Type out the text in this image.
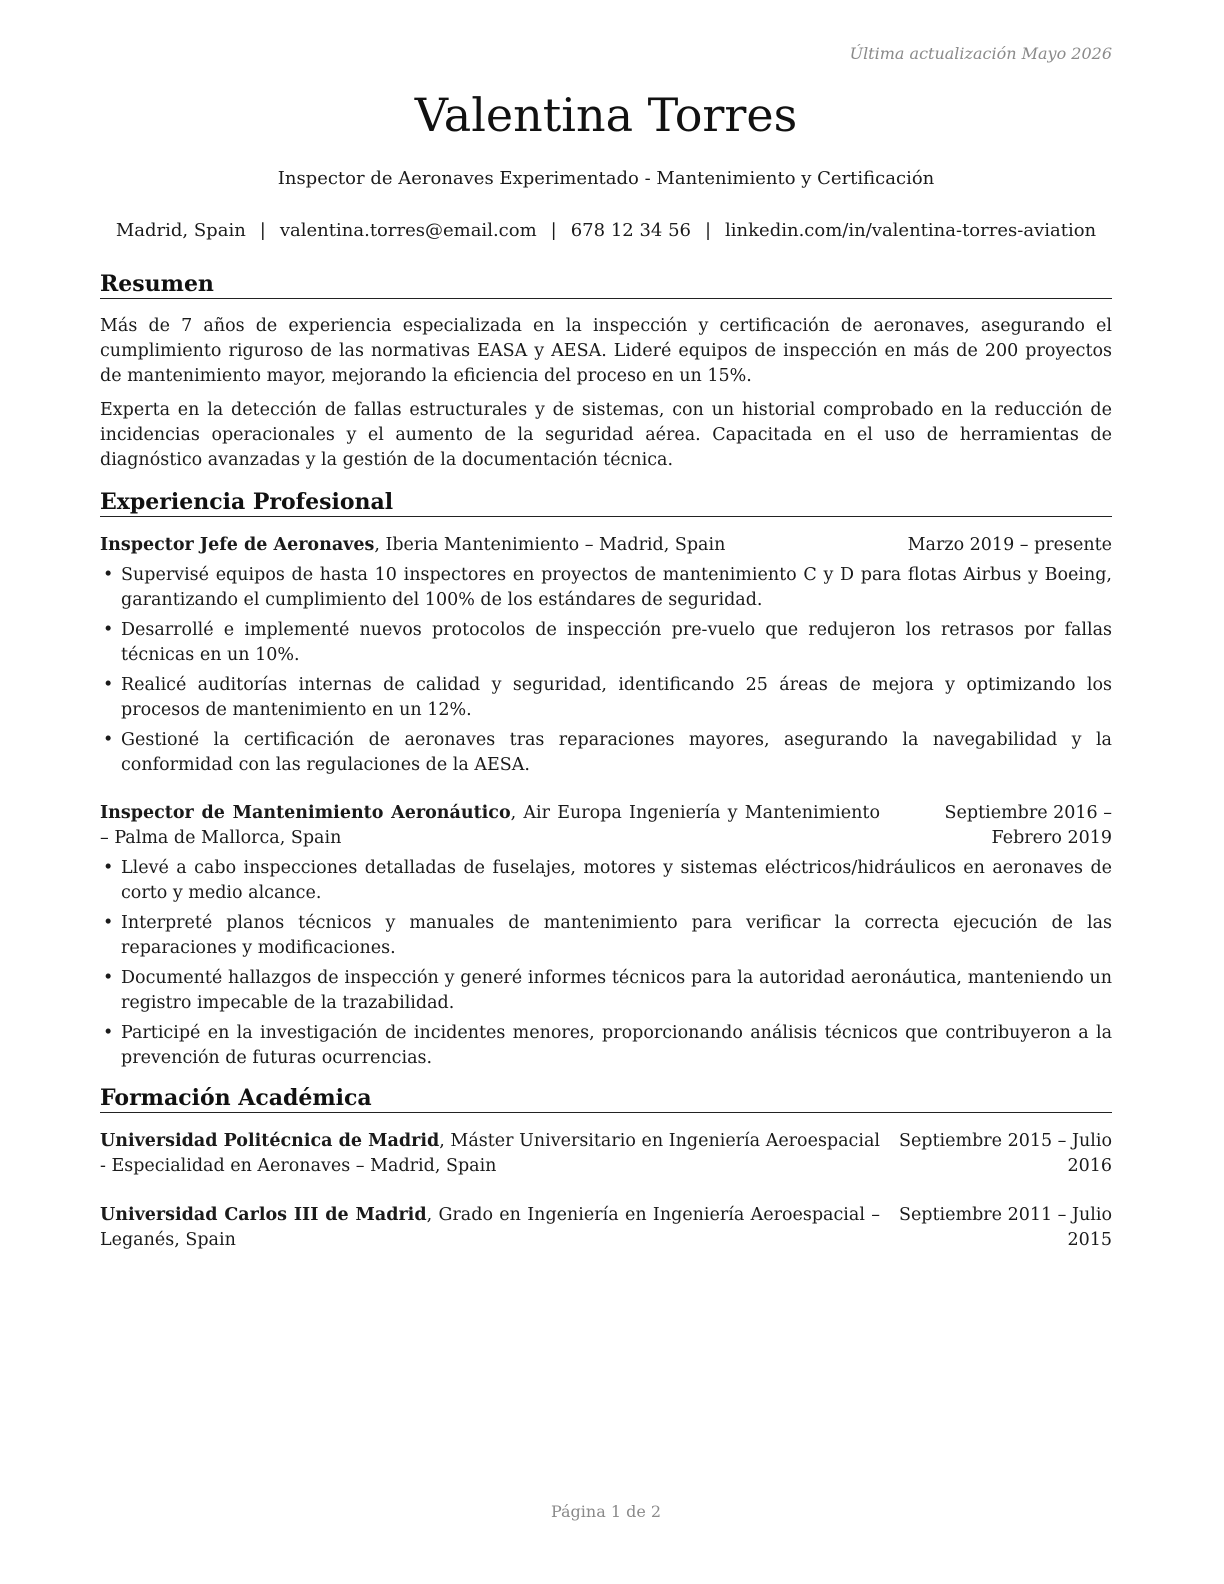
Última actualización Mayo 2026
Valentina Torres
Inspector de Aeronaves Experimentado - Mantenimiento y Certificación
Madrid, Spain | valentina.torres@email.com | 678 12 34 56 | linkedin.com/in/valentina-torres-aviation
Resumen

Más de 7 años de experiencia especializada en la inspección y certificación de aeronaves, asegurando el cumplimiento riguroso de las normativas EASA y AESA. Lideré equipos de inspección en más de 200 proyectos de mantenimiento mayor, mejorando la eficiencia del proceso en un 15%.

Experta en la detección de fallas estructurales y de sistemas, con un historial comprobado en la reducción de incidencias operacionales y el aumento de la seguridad aérea. Capacitada en el uso de herramientas de diagnóstico avanzadas y la gestión de la documentación técnica.

Experiencia Profesional
Inspector Jefe de Aeronaves, Iberia Mantenimiento – Madrid, Spain	Marzo 2019 – presente
• Supervisé equipos de hasta 10 inspectores en proyectos de mantenimiento C y D para flotas Airbus y Boeing, garantizando el cumplimiento del 100% de los estándares de seguridad.
• Desarrollé e implementé nuevos protocolos de inspección pre-vuelo que redujeron los retrasos por fallas técnicas en un 10%.
• Realicé auditorías internas de calidad y seguridad, identificando 25 áreas de mejora y optimizando los procesos de mantenimiento en un 12%.
• Gestioné la certificación de aeronaves tras reparaciones mayores, asegurando la navegabilidad y la conformidad con las regulaciones de la AESA.
Inspector de Mantenimiento Aeronáutico, Air Europa Ingeniería y Mantenimiento – Palma de Mallorca, Spain
Septiembre 2016 – Febrero 2019
• Llevé a cabo inspecciones detalladas de fuselajes, motores y sistemas eléctricos/hidráulicos en aeronaves de corto y medio alcance.
• Interpreté planos técnicos y manuales de mantenimiento para verificar la correcta ejecución de las reparaciones y modificaciones.
• Documenté hallazgos de inspección y generé informes técnicos para la autoridad aeronáutica, manteniendo un registro impecable de la trazabilidad.
• Participé en la investigación de incidentes menores, proporcionando análisis técnicos que contribuyeron a la prevención de futuras ocurrencias.
Formación Académica
Universidad Politécnica de Madrid, Máster Universitario en Ingeniería Aeroespacial - Especialidad en Aeronaves – Madrid, Spain
Septiembre 2015 – Julio 2016
Universidad Carlos III de Madrid, Grado en Ingeniería en Ingeniería Aeroespacial – Leganés, Spain
Septiembre 2011 – Julio 2015
Página 1 de 2
